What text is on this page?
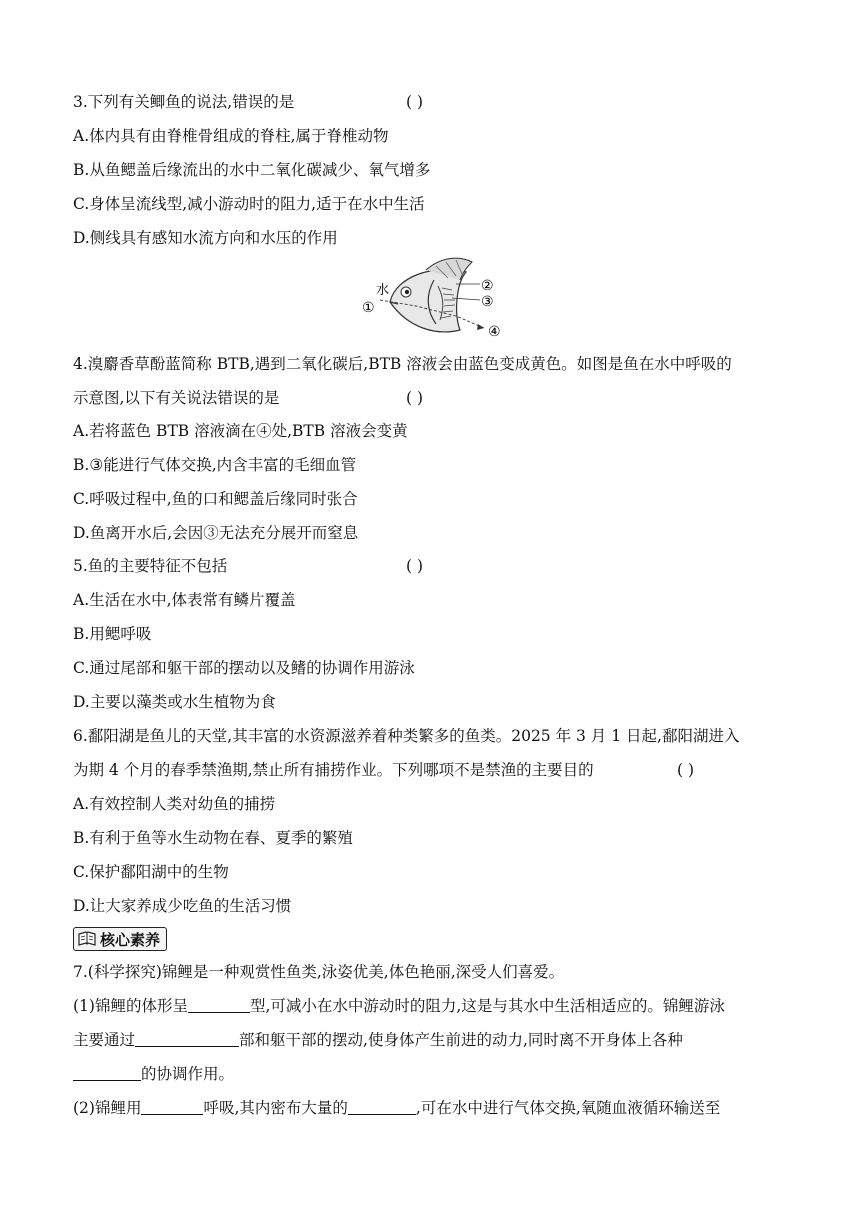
3.下列有关鲫鱼的说法,错误的是	( )
A.体内具有由脊椎骨组成的脊柱,属于脊椎动物
B.从鱼鳃盖后缘流出的水中二氧化碳减少、氧气增多
C.身体呈流线型,减小游动时的阻力,适于在水中生活
D.侧线具有感知水流方向和水压的作用
水
①
②
③
④
4.溴麝香草酚蓝简称 BTB,遇到二氧化碳后,BTB 溶液会由蓝色变成黄色。如图是鱼在水中呼吸的
示意图,以下有关说法错误的是	( )
A.若将蓝色 BTB 溶液滴在④处,BTB 溶液会变黄
B.③能进行气体交换,内含丰富的毛细血管
C.呼吸过程中,鱼的口和鳃盖后缘同时张合
D.鱼离开水后,会因③无法充分展开而窒息
5.鱼的主要特征不包括	( )
A.生活在水中,体表常有鳞片覆盖
B.用鳃呼吸
C.通过尾部和躯干部的摆动以及鳍的协调作用游泳
D.主要以藻类或水生植物为食
6.鄱阳湖是鱼儿的天堂,其丰富的水资源滋养着种类繁多的鱼类。2025 年 3 月 1 日起,鄱阳湖进入
为期 4 个月的春季禁渔期,禁止所有捕捞作业。下列哪项不是禁渔的主要目的	( )
A.有效控制人类对幼鱼的捕捞
B.有利于鱼等水生动物在春、夏季的繁殖
C.保护鄱阳湖中的生物
D.让大家养成少吃鱼的生活习惯
核心素养
7.(科学探究)锦鲤是一种观赏性鱼类,泳姿优美,体色艳丽,深受人们喜爱。
(1)锦鲤的体形呈	型,可减小在水中游动时的阻力,这是与其水中生活相适应的。锦鲤游泳
主要通过	部和躯干部的摆动,使身体产生前进的动力,同时离不开身体上各种
的协调作用。
(2)锦鲤用	呼吸,其内密布大量的	,可在水中进行气体交换,氧随血液循环输送至
